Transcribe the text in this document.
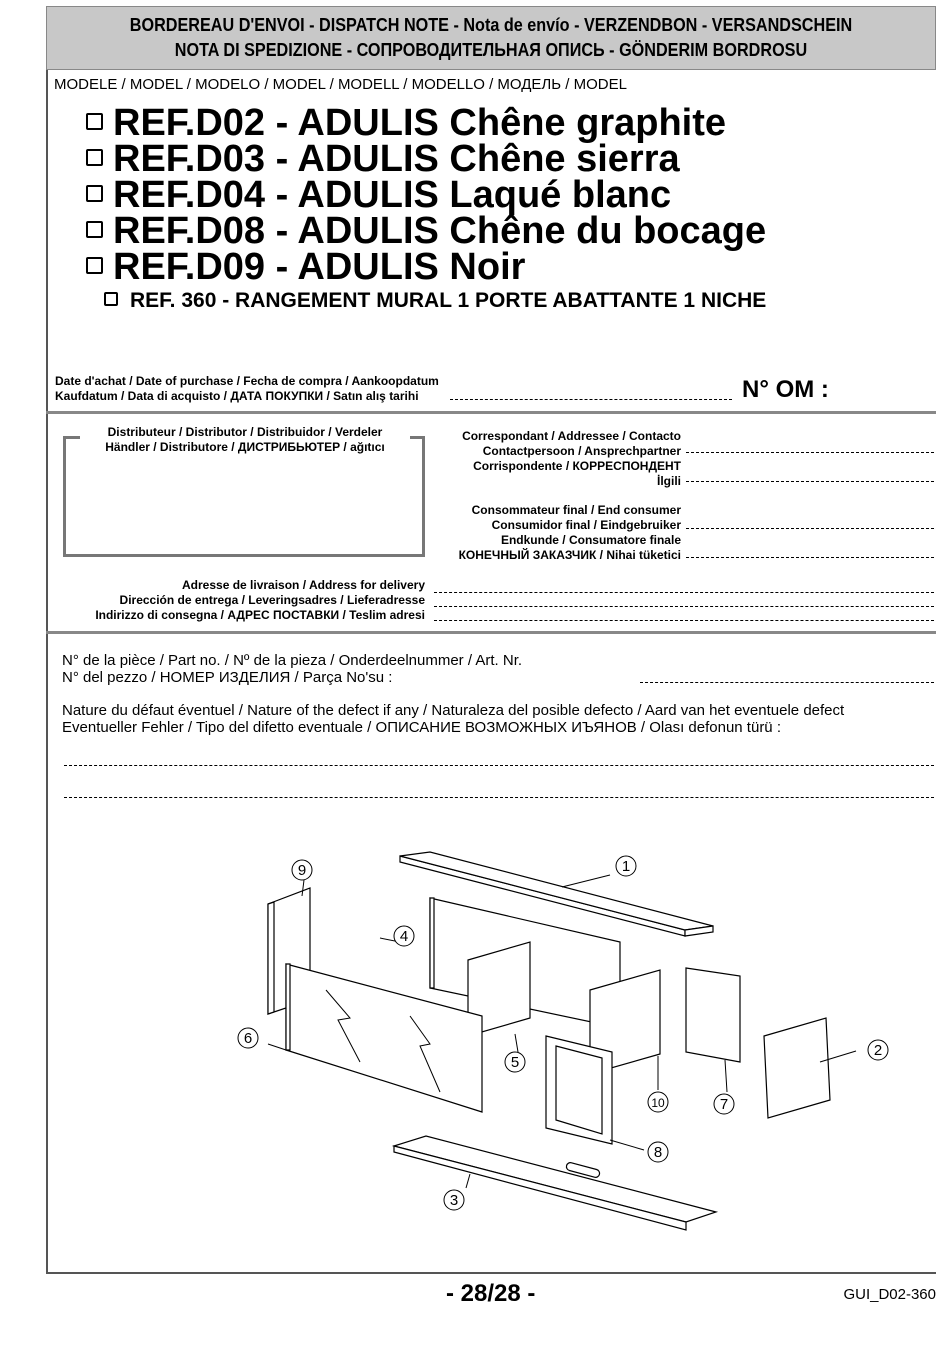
BORDEREAU D'ENVOI - DISPATCH NOTE - Nota de envío - VERZENDBON - VERSANDSCHEIN
NOTA DI SPEDIZIONE - СОПРОВОДИТЕЛЬНАЯ ОПИСЬ - GÖNDERIM BORDROSU
MODELE / MODEL / MODELO / MODEL / MODELL / MODELLO / МОДЕЛЬ / MODEL
REF.D02 - ADULIS Chêne graphite
REF.D03 - ADULIS Chêne sierra
REF.D04 - ADULIS Laqué blanc
REF.D08 - ADULIS Chêne du bocage
REF.D09 - ADULIS Noir
REF. 360 - RANGEMENT MURAL 1 PORTE ABATTANTE 1 NICHE
Date d'achat / Date of purchase / Fecha de compra / Aankoopdatum
Kaufdatum / Data di acquisto / ДАТА ПОКУПКИ / Satın alış tarihi	N° OM :
Distributeur / Distributor / Distribuidor / Verdeler
Händler / Distributore / ДИСТРИБЬЮТЕР / ağıtıcı
Correspondant / Addressee / Contacto
Contactpersoon / Ansprechpartner
Corrispondente / КОРРЕСПОНДЕНТ
İlgili
Consommateur final / End consumer
Consumidor final / Eindgebruiker
Endkunde / Consumatore finale
КОНЕЧНЫЙ ЗАКАЗЧИК / Nihai tüketici
Adresse de livraison / Address for delivery
Dirección de entrega / Leveringsadres / Lieferadresse
Indirizzo di consegna / АДРЕС ПОСТАВКИ / Teslim adresi
N° de la pièce / Part no. / Nº de la pieza / Onderdeelnummer / Art. Nr.
N° del pezzo / НОМЕР ИЗДЕЛИЯ / Parça No'su :
Nature du défaut éventuel / Nature of the defect if any / Naturaleza del posible defecto / Aard van het eventuele defect
Eventueller Fehler / Tipo del difetto eventuale / ОПИСАНИЕ ВОЗМОЖНЫХ ИЪЯНОВ / Olası defonun türü :
1
2
3
4
5
6
7
8
9
10
- 28/28 -	GUI_D02-360
